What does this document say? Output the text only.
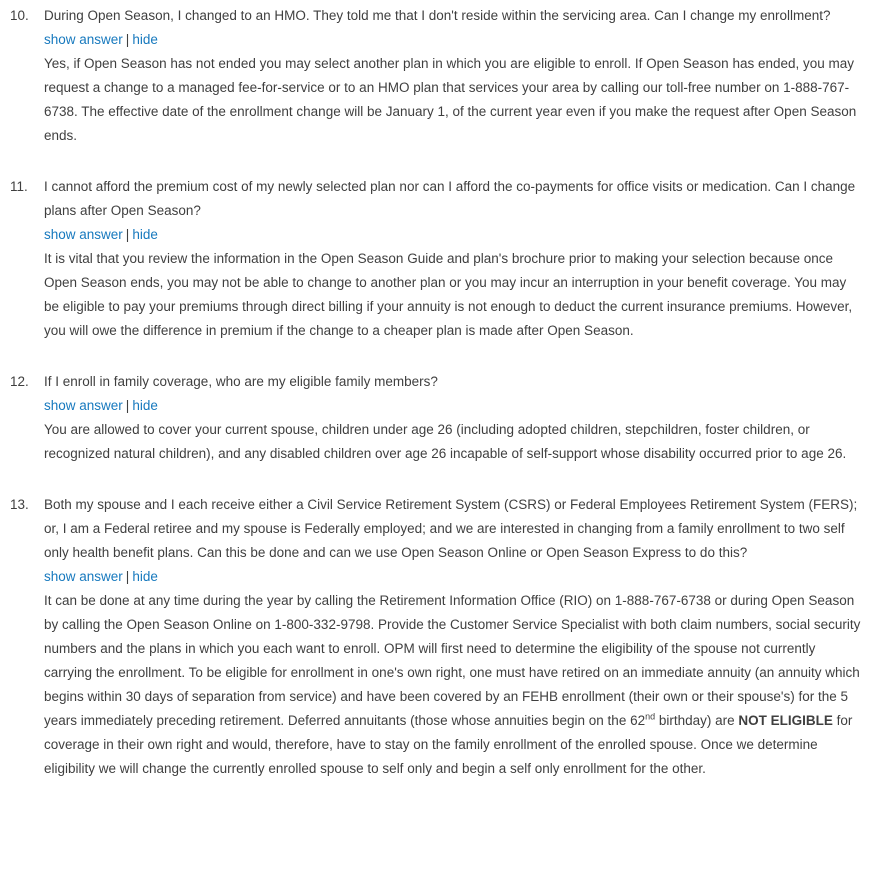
10.	During Open Season, I changed to an HMO. They told me that I don't reside within the servicing area. Can I change my enrollment?
show answer | hide
Yes, if Open Season has not ended you may select another plan in which you are eligible to enroll. If Open Season has ended, you may request a change to a managed fee-for-service or to an HMO plan that services your area by calling our toll-free number on 1-888-767-6738. The effective date of the enrollment change will be January 1, of the current year even if you make the request after Open Season ends.
11.	I cannot afford the premium cost of my newly selected plan nor can I afford the co-payments for office visits or medication. Can I change plans after Open Season?
show answer | hide
It is vital that you review the information in the Open Season Guide and plan's brochure prior to making your selection because once Open Season ends, you may not be able to change to another plan or you may incur an interruption in your benefit coverage. You may be eligible to pay your premiums through direct billing if your annuity is not enough to deduct the current insurance premiums. However, you will owe the difference in premium if the change to a cheaper plan is made after Open Season.
12.	If I enroll in family coverage, who are my eligible family members?
show answer | hide
You are allowed to cover your current spouse, children under age 26 (including adopted children, stepchildren, foster children, or recognized natural children), and any disabled children over age 26 incapable of self-support whose disability occurred prior to age 26.
13.	Both my spouse and I each receive either a Civil Service Retirement System (CSRS) or Federal Employees Retirement System (FERS); or, I am a Federal retiree and my spouse is Federally employed; and we are interested in changing from a family enrollment to two self only health benefit plans. Can this be done and can we use Open Season Online or Open Season Express to do this?
show answer | hide
It can be done at any time during the year by calling the Retirement Information Office (RIO) on 1-888-767-6738 or during Open Season by calling the Open Season Online on 1-800-332-9798. Provide the Customer Service Specialist with both claim numbers, social security numbers and the plans in which you each want to enroll. OPM will first need to determine the eligibility of the spouse not currently carrying the enrollment. To be eligible for enrollment in one's own right, one must have retired on an immediate annuity (an annuity which begins within 30 days of separation from service) and have been covered by an FEHB enrollment (their own or their spouse's) for the 5 years immediately preceding retirement. Deferred annuitants (those whose annuities begin on the 62nd birthday) are NOT ELIGIBLE for coverage in their own right and would, therefore, have to stay on the family enrollment of the enrolled spouse. Once we determine eligibility we will change the currently enrolled spouse to self only and begin a self only enrollment for the other.
